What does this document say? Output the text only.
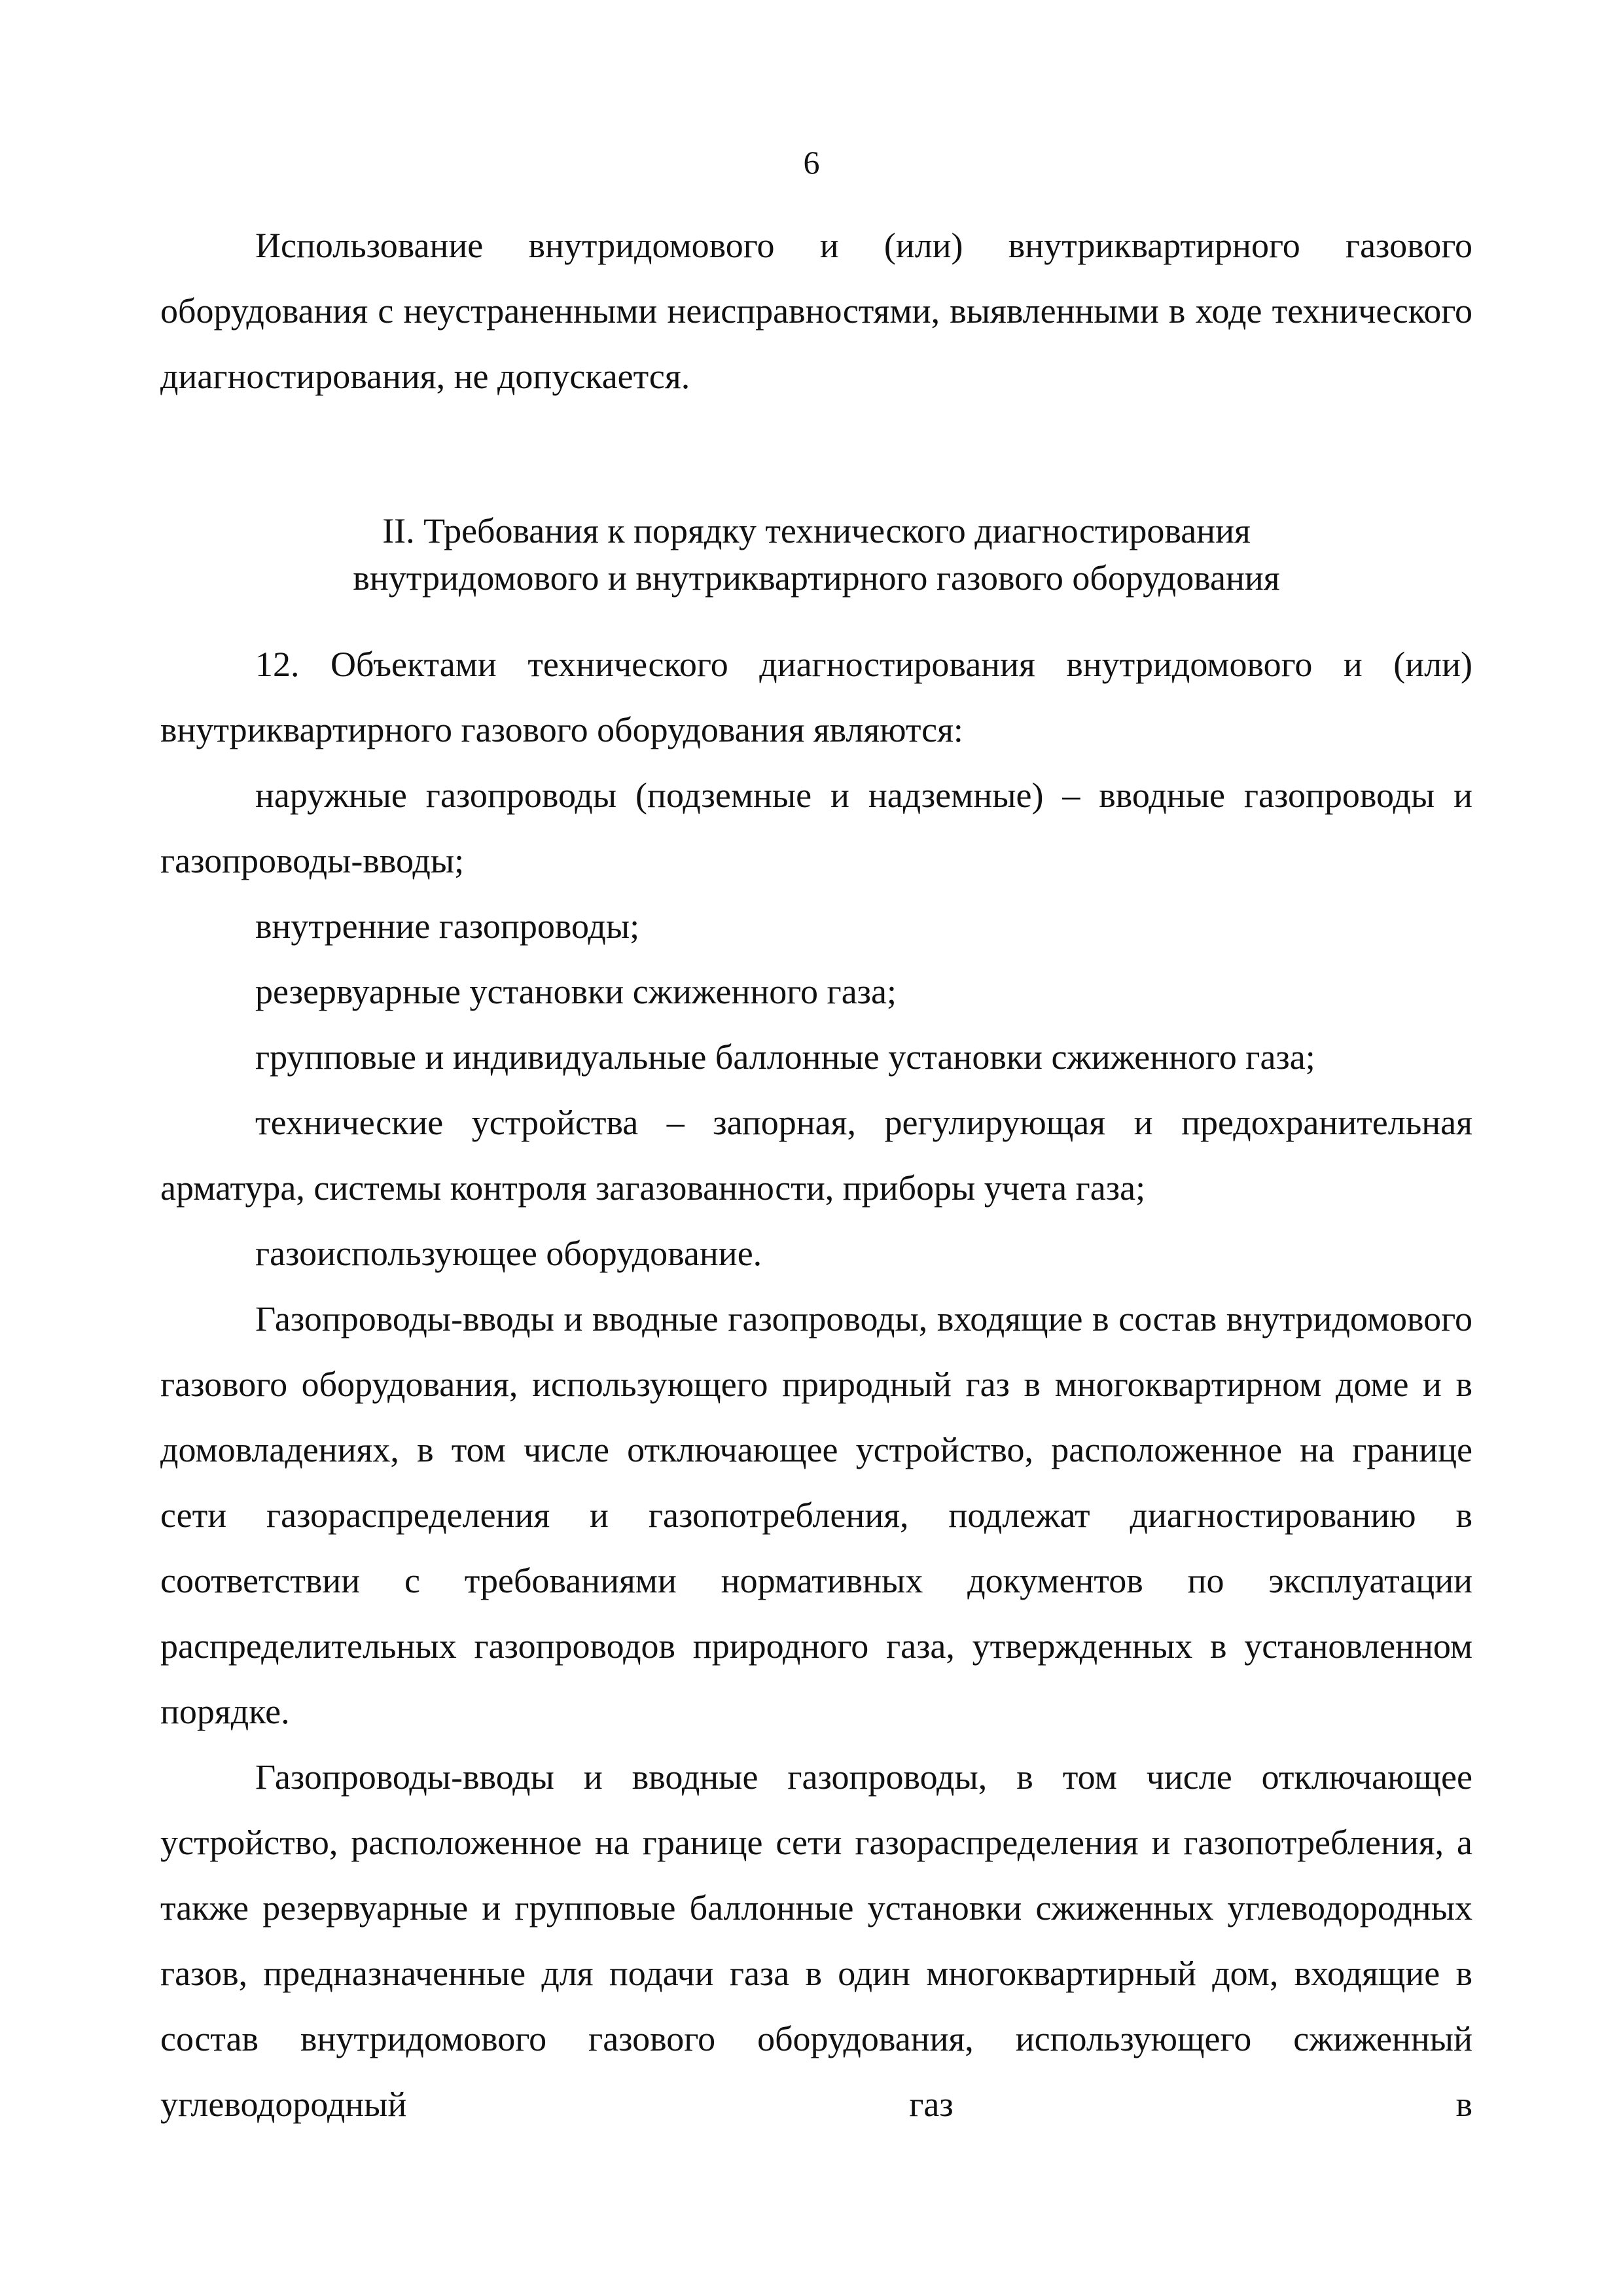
6

Использование внутридомового и (или) внутриквартирного газового оборудования с неустраненными неисправностями, выявленными в ходе технического диагностирования, не допускается.

II. Требования к порядку технического диагностирования
внутридомового и внутриквартирного газового оборудования

12. Объектами технического диагностирования внутридомового и (или) внутриквартирного газового оборудования являются:

наружные газопроводы (подземные и надземные) – вводные газопроводы и газопроводы-вводы;

внутренние газопроводы;

резервуарные установки сжиженного газа;

групповые и индивидуальные баллонные установки сжиженного газа;

технические устройства – запорная, регулирующая и предохранительная арматура, системы контроля загазованности, приборы учета газа;

газоиспользующее оборудование.

Газопроводы-вводы и вводные газопроводы, входящие в состав внутридомового газового оборудования, использующего природный газ в многоквартирном доме и в домовладениях, в том числе отключающее устройство, расположенное на границе сети газораспределения и газопотребления, подлежат диагностированию в соответствии с требованиями нормативных документов по эксплуатации распределительных газопроводов природного газа, утвержденных в установленном порядке.

Газопроводы-вводы и вводные газопроводы, в том числе отключающее устройство, расположенное на границе сети газораспределения и газопотребления, а также резервуарные и групповые баллонные установки сжиженных углеводородных газов, предназначенные для подачи газа в один многоквартирный дом, входящие в состав внутридомового газового оборудования, использующего сжиженный углеводородный газ в
